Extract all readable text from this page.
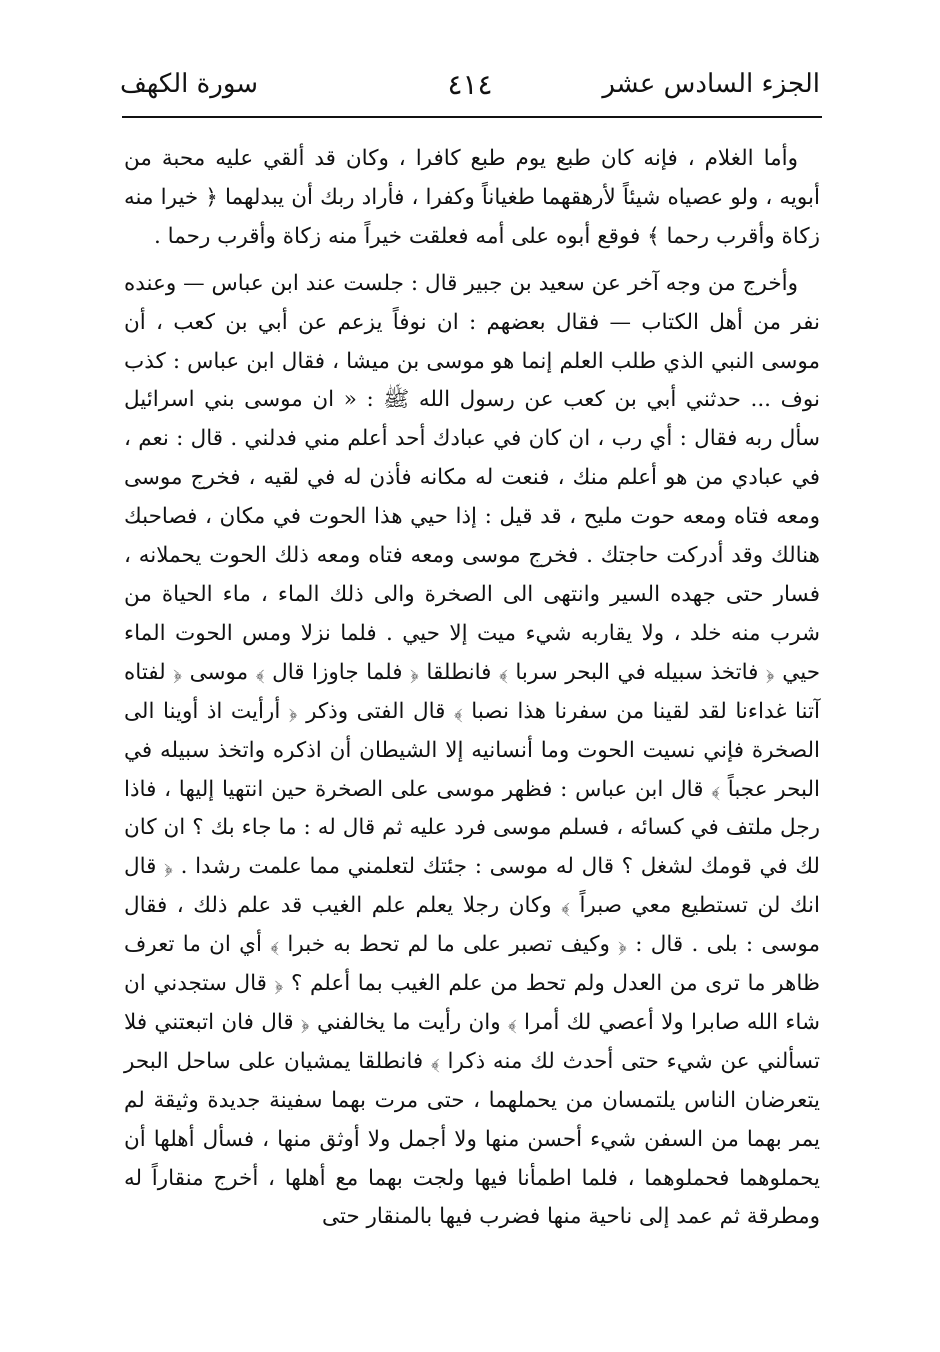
الجزء السادس عشر
٤١٤
سورة الكهف

وأما الغلام ، فإنه كان طبع يوم طبع كافرا ، وكان قد ألقي عليه محبة من أبويه ، ولو عصياه شيئاً لأرهقهما طغياناً وكفرا ، فأراد ربك أن يبدلهما ﴿ خيرا منه زكاة وأقرب رحما ﴾ فوقع أبوه على أمه فعلقت خيراً منه زكاة وأقرب رحما .

وأخرج من وجه آخر عن سعيد بن جبير قال : جلست عند ابن عباس — وعنده نفر من أهل الكتاب — فقال بعضهم : ان نوفاً يزعم عن أبي بن كعب ، أن موسى النبي الذي طلب العلم إنما هو موسى بن ميشا ، فقال ابن عباس : كذب نوف ... حدثني أبي بن كعب عن رسول الله ﷺ : « ان موسى بني اسرائيل سأل ربه فقال : أي رب ، ان كان في عبادك أحد أعلم مني فدلني . قال : نعم ، في عبادي من هو أعلم منك ، فنعت له مكانه فأذن له في لقيه ، فخرج موسى ومعه فتاه ومعه حوت مليح ، قد قيل : إذا حيي هذا الحوت في مكان ، فصاحبك هنالك وقد أدركت حاجتك . فخرج موسى ومعه فتاه ومعه ذلك الحوت يحملانه ، فسار حتى جهده السير وانتهى الى الصخرة والى ذلك الماء ، ماء الحياة من شرب منه خلد ، ولا يقاربه شيء ميت إلا حيي . فلما نزلا ومس الحوت الماء حيي ﴿ فاتخذ سبيله في البحر سربا ﴾ فانطلقا ﴿ فلما جاوزا قال ﴾ موسى ﴿ لفتاه آتنا غداءنا لقد لقينا من سفرنا هذا نصبا ﴾ قال الفتى وذكر ﴿ أرأيت اذ أوينا الى الصخرة فإني نسيت الحوت وما أنسانيه إلا الشيطان أن اذكره واتخذ سبيله في البحر عجباً ﴾ قال ابن عباس : فظهر موسى على الصخرة حين انتهيا إليها ، فاذا رجل ملتف في كسائه ، فسلم موسى فرد عليه ثم قال له : ما جاء بك ؟ ان كان لك في قومك لشغل ؟ قال له موسى : جئتك لتعلمني مما علمت رشدا . ﴿ قال انك لن تستطيع معي صبراً ﴾ وكان رجلا يعلم علم الغيب قد علم ذلك ، فقال موسى : بلى . قال : ﴿ وكيف تصبر على ما لم تحط به خبرا ﴾ أي ان ما تعرف ظاهر ما ترى من العدل ولم تحط من علم الغيب بما أعلم ؟ ﴿ قال ستجدني ان شاء الله صابرا ولا أعصي لك أمرا ﴾ وان رأيت ما يخالفني ﴿ قال فان اتبعتني فلا تسألني عن شيء حتى أحدث لك منه ذكرا ﴾ فانطلقا يمشيان على ساحل البحر يتعرضان الناس يلتمسان من يحملهما ، حتى مرت بهما سفينة جديدة وثيقة لم يمر بهما من السفن شيء أحسن منها ولا أجمل ولا أوثق منها ، فسأل أهلها أن يحملوهما فحملوهما ، فلما اطمأنا فيها ولجت بهما مع أهلها ، أخرج منقاراً له ومطرقة ثم عمد إلى ناحية منها فضرب فيها بالمنقار حتى
